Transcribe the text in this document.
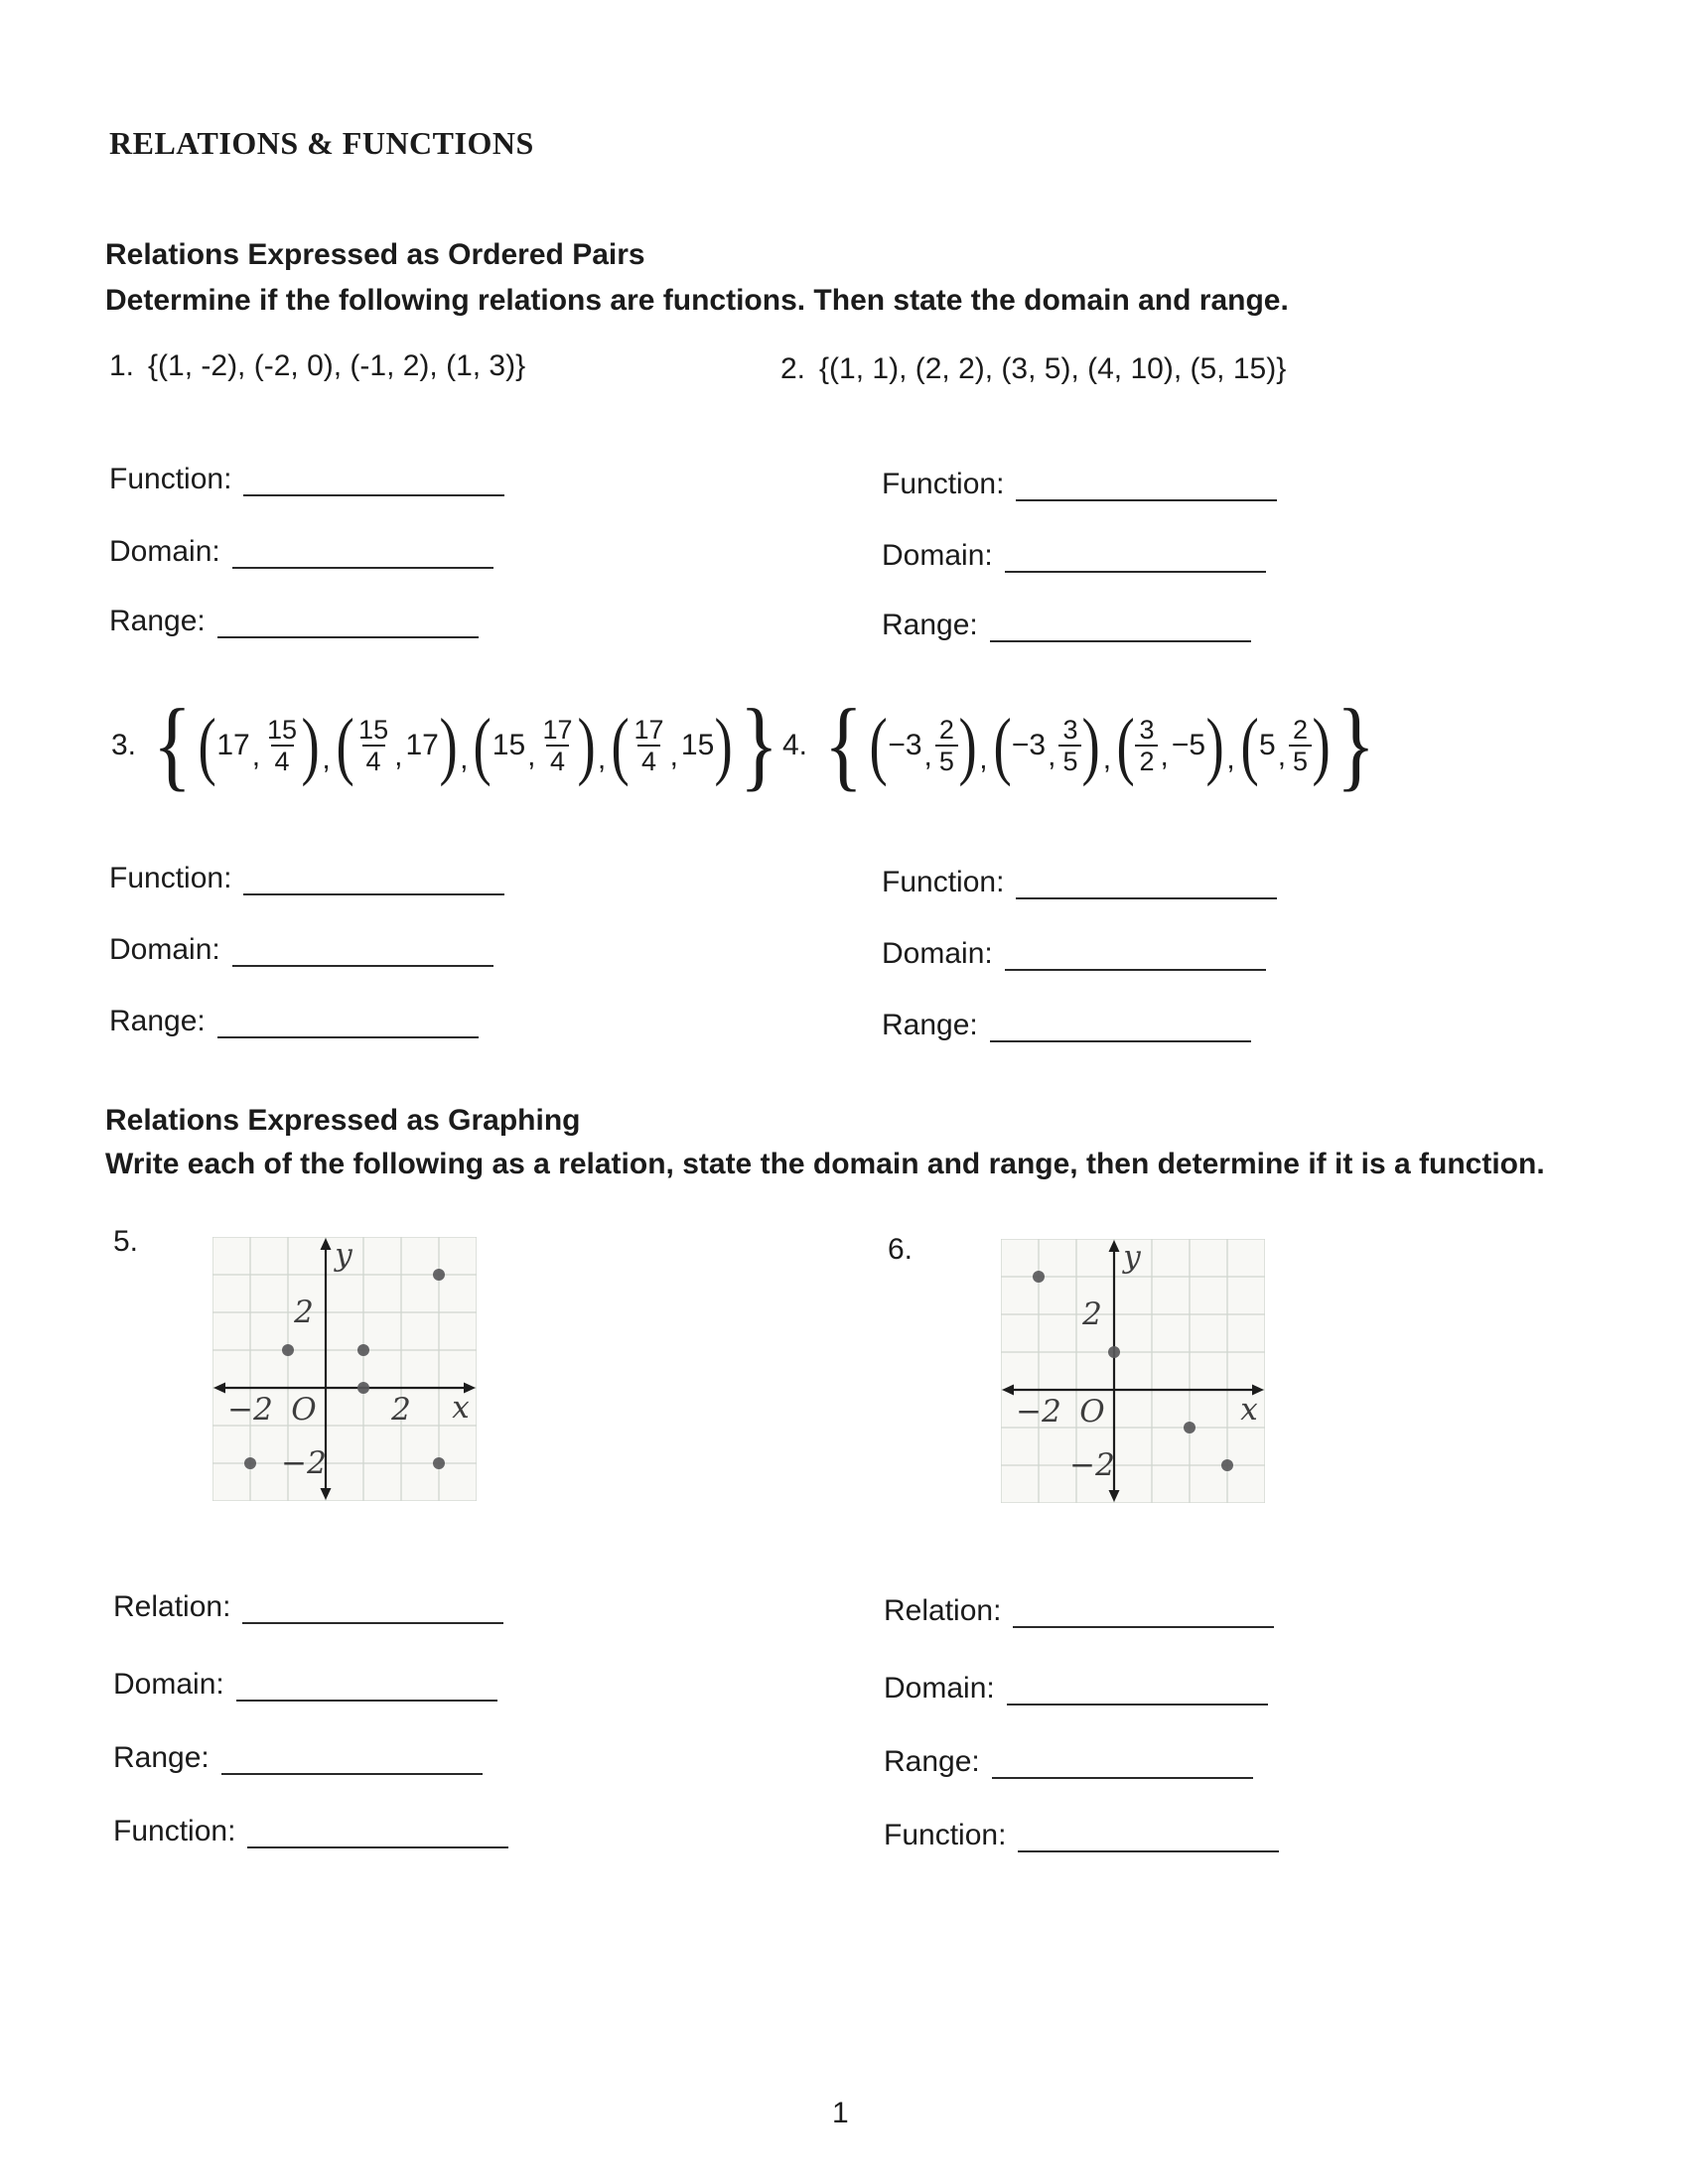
RELATIONS & FUNCTIONS
Relations Expressed as Ordered Pairs
Determine if the following relations are functions. Then state the domain and range.
1. {(1, -2), (-2, 0), (-1, 2), (1, 3)}	2. {(1, 1), (2, 2), (3, 5), (4, 10), (5, 15)}
Function:
Domain:
Range:
Function:
Domain:
Range:
3. { ( 17 , $\frac{15}{4}$ ) , ( $\frac{15}{4}$ , 17 ) , ( 15 , $\frac{17}{4}$ ) , ( $\frac{17}{4}$ , 15 ) } 4. { ( −3 , $\frac{2}{5}$ ) , ( −3 , $\frac{3}{5}$ ) , ( $\frac{3}{2}$ , −5 ) , ( 5 , $\frac{2}{5}$ ) }
Function:
Domain:
Range:
Function:
Domain:
Range:
Relations Expressed as Graphing
Write each of the following as a relation, state the domain and range, then determine if it is a function.
5.	6.
2
−2
−2	2
O	x
y
2
−2
−2 O	x
y
Relation:
Domain:
Range:
Function:
Relation:
Domain:
Range:
Function:
1
